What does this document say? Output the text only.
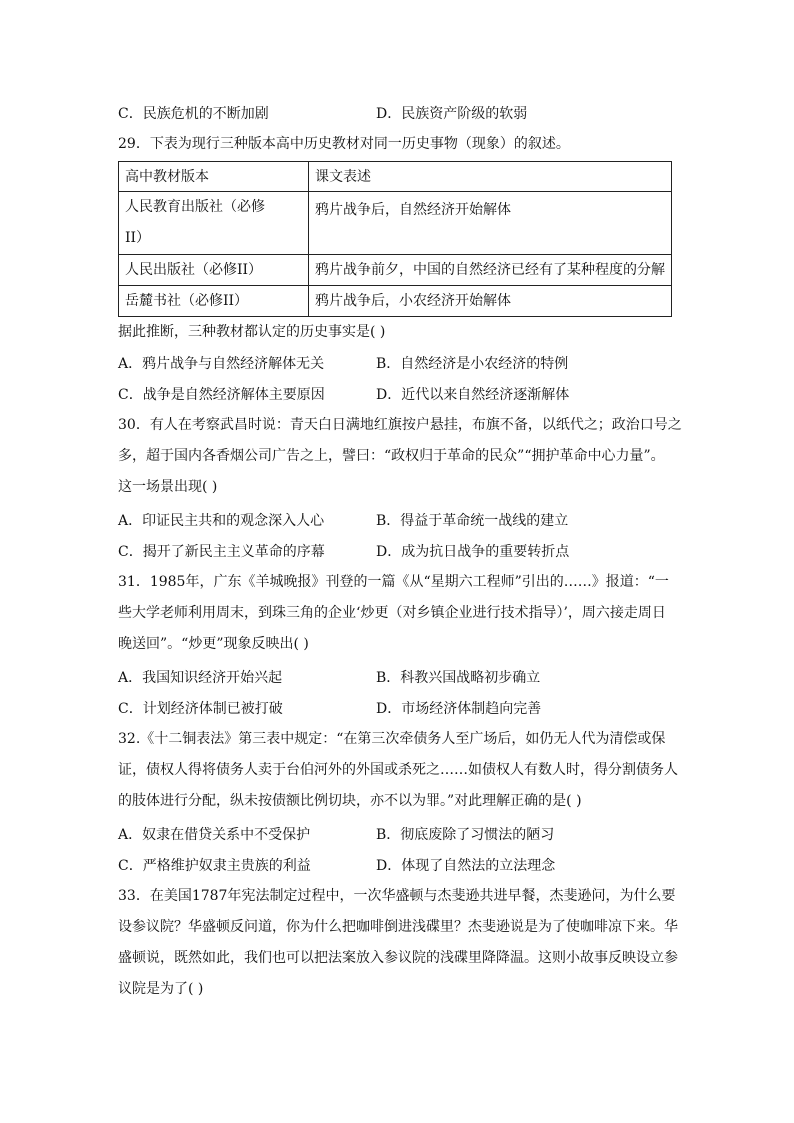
C．民族危机的不断加剧	D．民族资产阶级的软弱
29．下表为现行三种版本高中历史教材对同一历史事物（现象）的叙述。
高中教材版本	课文表述

人民教育出版社（必修
II）	鸦片战争后，自然经济开始解体
人民出版社（必修II）	鸦片战争前夕，中国的自然经济已经有了某种程度的分解
岳麓书社（必修II）	鸦片战争后，小农经济开始解体
据此推断，三种教材都认定的历史事实是( )
A．鸦片战争与自然经济解体无关	B．自然经济是小农经济的特例
C．战争是自然经济解体主要原因	D．近代以来自然经济逐渐解体
30．有人在考察武昌时说：青天白日满地红旗按户悬挂，布旗不备，以纸代之；政治口号之
多，超于国内各香烟公司广告之上，譬曰：“政权归于革命的民众”“拥护革命中心力量”。
这一场景出现( )
A．印证民主共和的观念深入人心	B．得益于革命统一战线的建立
C．揭开了新民主主义革命的序幕	D．成为抗日战争的重要转折点
31．1985年，广东《羊城晚报》刊登的一篇《从“星期六工程师”引出的……》报道：“一
些大学老师利用周末，到珠三角的企业‘炒更（对乡镇企业进行技术指导）’，周六接走周日
晚送回”。“炒更”现象反映出( )
A．我国知识经济开始兴起	B．科教兴国战略初步确立
C．计划经济体制已被打破	D．市场经济体制趋向完善
32.《十二铜表法》第三表中规定：“在第三次牵债务人至广场后，如仍无人代为清偿或保
证，债权人得将债务人卖于台伯河外的外国或杀死之……如债权人有数人时，得分割债务人
的肢体进行分配，纵未按债额比例切块，亦不以为罪。”对此理解正确的是( )
A．奴隶在借贷关系中不受保护	B．彻底废除了习惯法的陋习
C．严格维护奴隶主贵族的利益	D．体现了自然法的立法理念
33．在美国1787年宪法制定过程中，一次华盛顿与杰斐逊共进早餐，杰斐逊问，为什么要
设参议院？华盛顿反问道，你为什么把咖啡倒进浅碟里？杰斐逊说是为了使咖啡凉下来。华
盛顿说，既然如此，我们也可以把法案放入参议院的浅碟里降降温。这则小故事反映设立参
议院是为了( )
